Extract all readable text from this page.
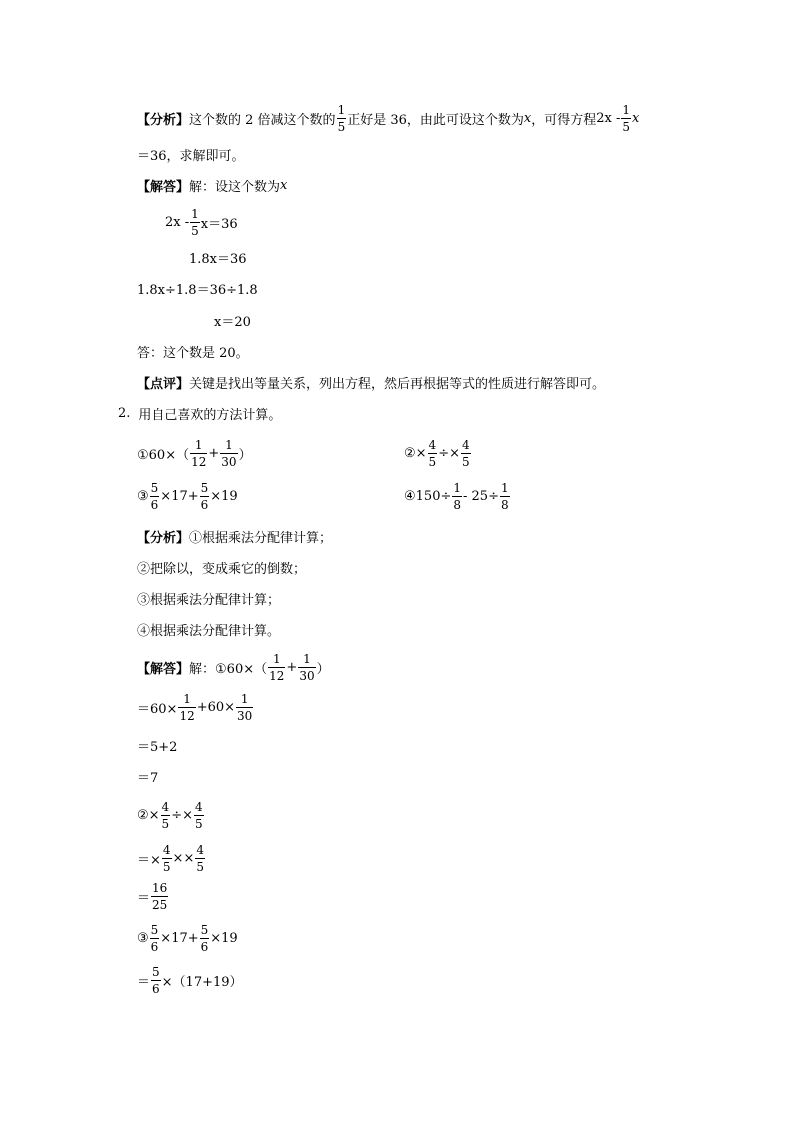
【分析】 这个数的 2 倍减这个数的 $\frac{1}{5}$ 正好是 36，由此可设这个数为 x ，可得方程 $2x - \frac{1}{5}$ x
＝36，求解即可。
【解答】 解：设这个数为 x
$2x - \frac{1}{5} x=36$
1.8x＝36
1.8x÷1.8＝36÷1.8
x＝20
答：这个数是 20。
【点评】 关键是找出等量关系，列出方程，然后再根据等式的性质进行解答即可。
2. 用自己喜欢的方法计算。
①60×（ $\frac{1}{12} + \frac{1}{30}$ ）	②× $\frac{4}{5} \div\times \frac{4}{5}$
③ $\frac{5}{6} \times 17+ \frac{5}{6} \times 19$	④150÷ $\frac{1}{8} - 25\div \frac{1}{8}$
【分析】 ①根据乘法分配律计算；
②把除以，变成乘它的倒数；
③根据乘法分配律计算；
④根据乘法分配律计算。
【解答】 解： ①60×（ $\frac{1}{12} + \frac{1}{30}$ ）
$=60\times \frac{1}{12} +60\times \frac{1}{30}$
＝5+2
＝7
②× $\frac{4}{5} \div\times \frac{4}{5}$
＝× $\frac{4}{5} \times\times \frac{4}{5}$
＝ $\frac{16}{25}$
③ $\frac{5}{6} \times 17+ \frac{5}{6} \times 19$
＝ $\frac{5}{6} \times(17+19)$
